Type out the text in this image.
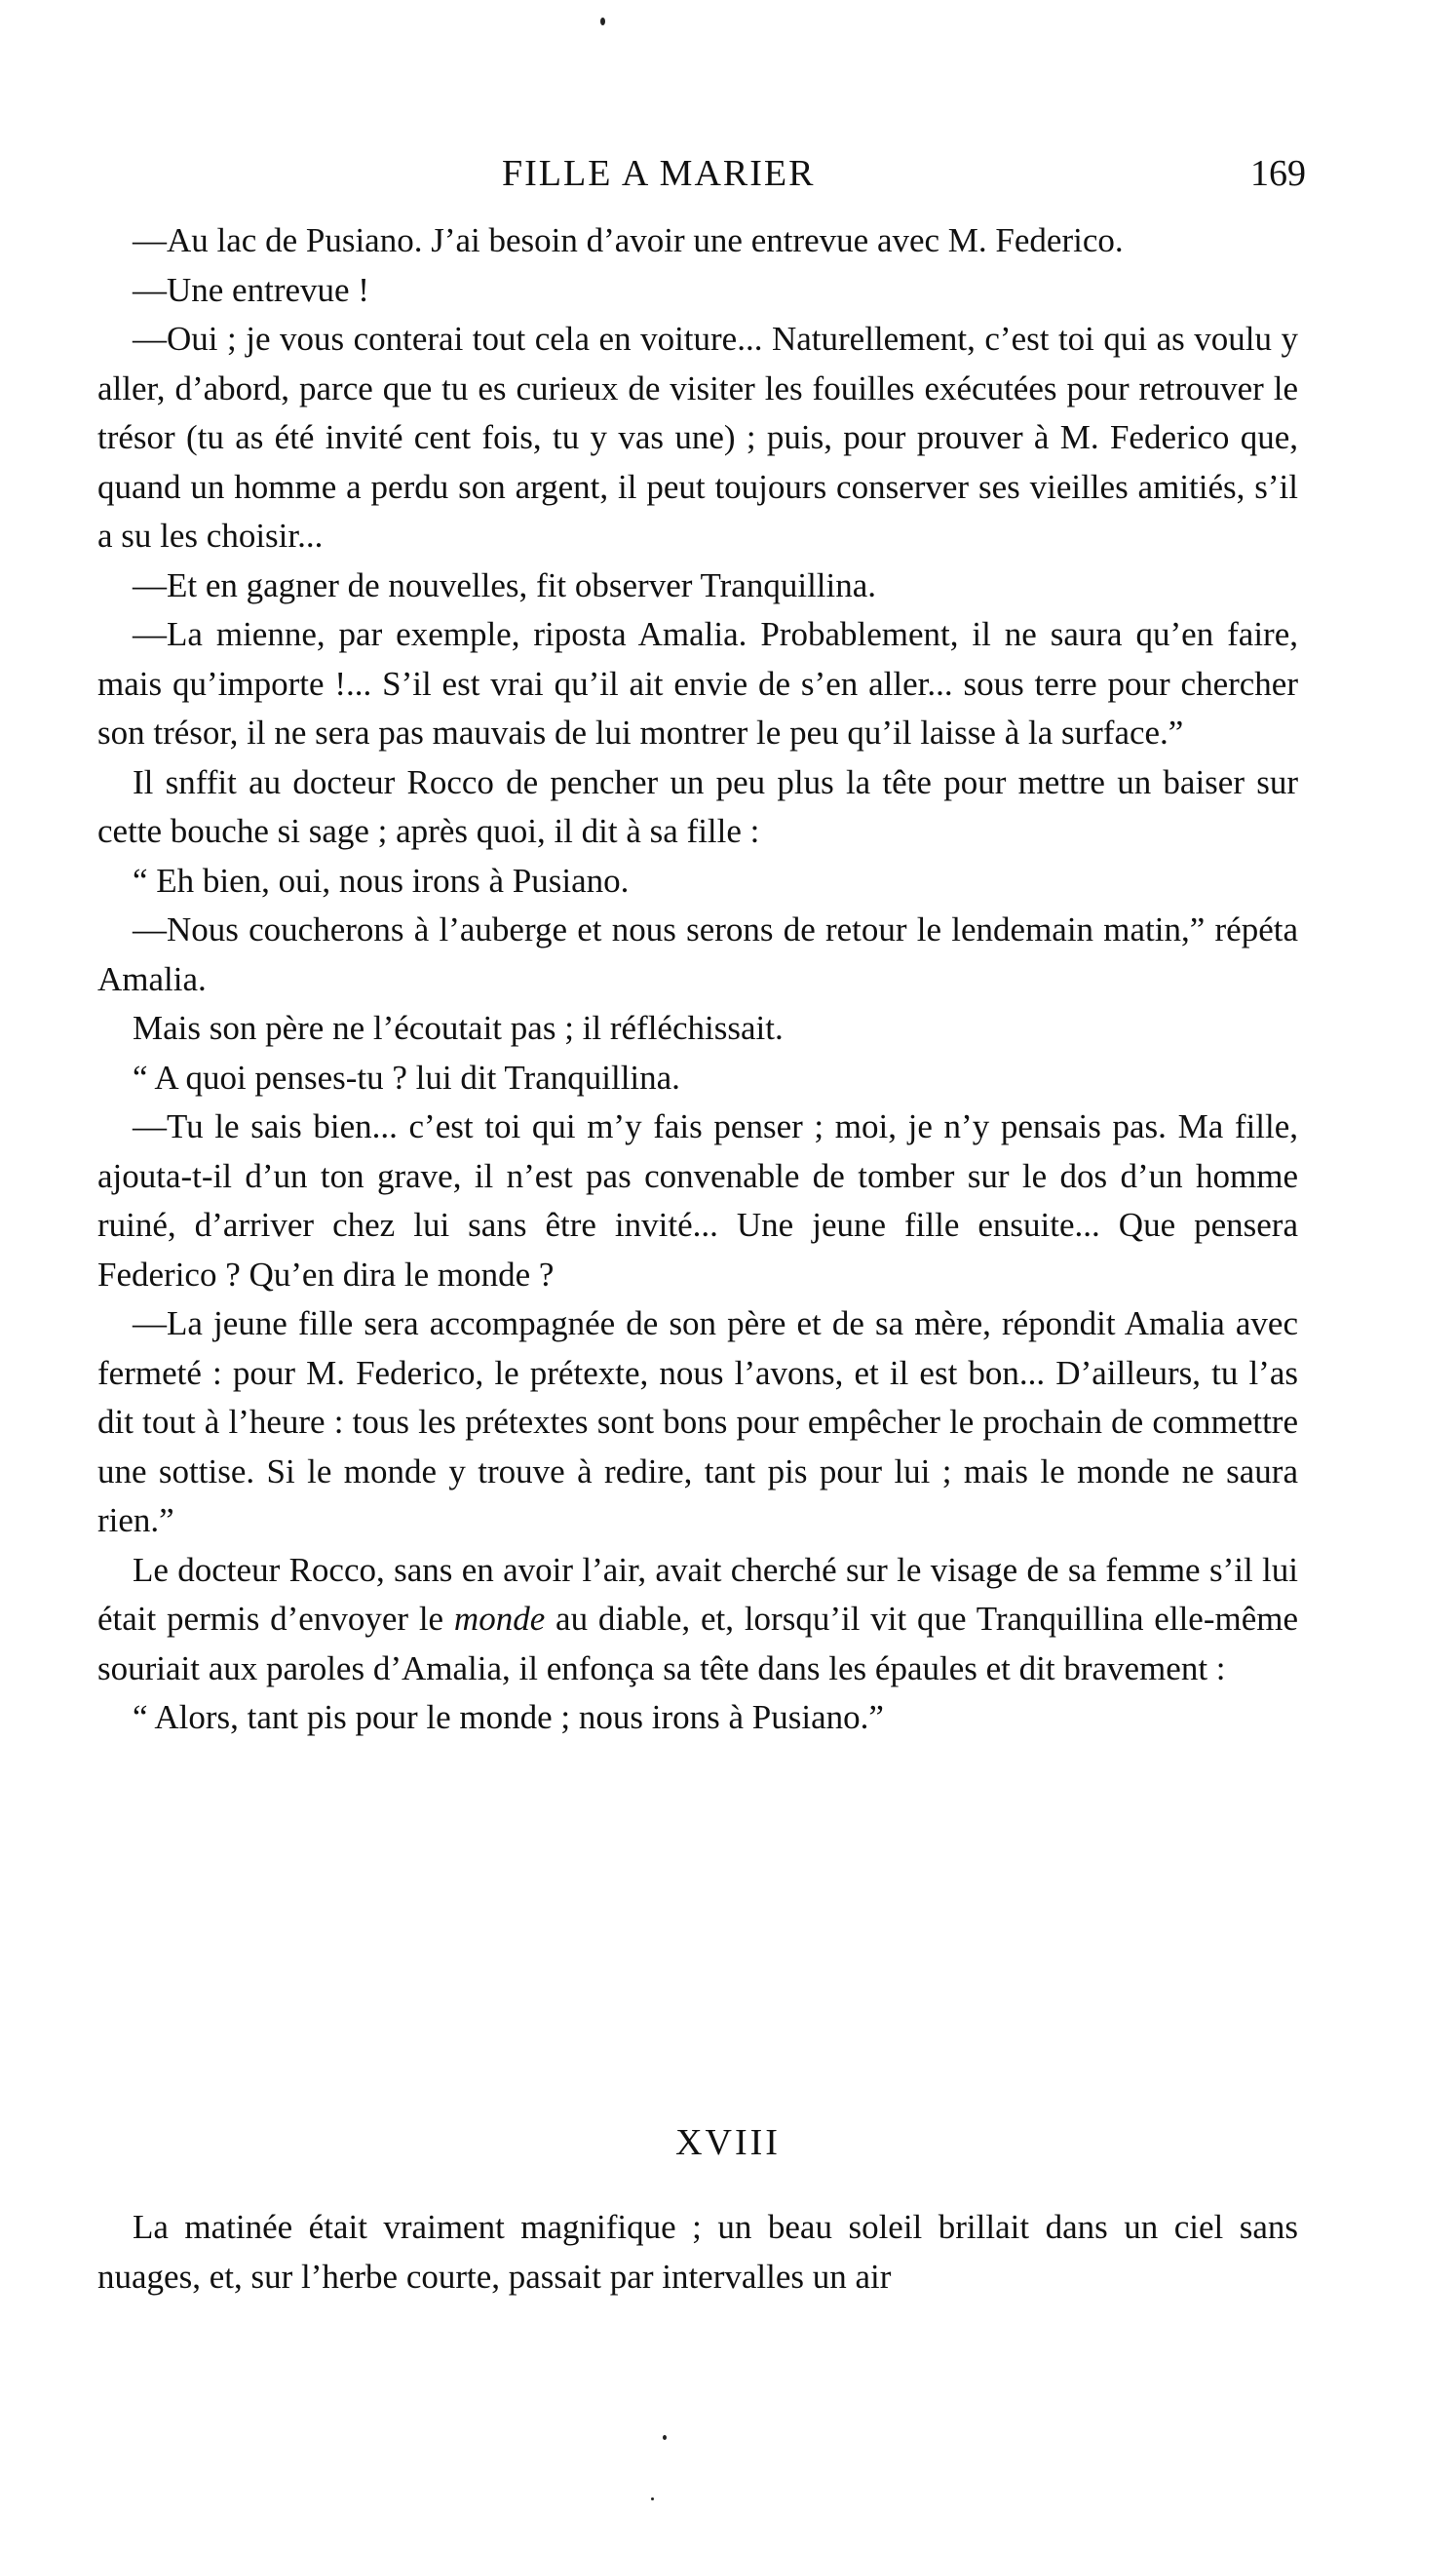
FILLE A MARIER	169

—Au lac de Pusiano. J’ai besoin d’avoir une entrevue avec M. Federico.

—Une entrevue !

—Oui ; je vous conterai tout cela en voiture... Naturellement, c’est toi qui as voulu y aller, d’abord, parce que tu es curieux de visiter les fouilles exécutées pour retrouver le trésor (tu as été invité cent fois, tu y vas une) ; puis, pour prouver à M. Federico que, quand un homme a perdu son argent, il peut toujours conserver ses vieilles amitiés, s’il a su les choisir...

—Et en gagner de nouvelles, fit observer Tranquillina.

—La mienne, par exemple, riposta Amalia. Probablement, il ne saura qu’en faire, mais qu’importe !... S’il est vrai qu’il ait envie de s’en aller... sous terre pour chercher son trésor, il ne sera pas mauvais de lui montrer le peu qu’il laisse à la surface.”

Il snffit au docteur Rocco de pencher un peu plus la tête pour mettre un baiser sur cette bouche si sage ; après quoi, il dit à sa fille :

“ Eh bien, oui, nous irons à Pusiano.

—Nous coucherons à l’auberge et nous serons de retour le lendemain matin,” répéta Amalia.

Mais son père ne l’écoutait pas ; il réfléchissait.

“ A quoi penses-tu ? lui dit Tranquillina.

—Tu le sais bien... c’est toi qui m’y fais penser ; moi, je n’y pensais pas. Ma fille, ajouta-t-il d’un ton grave, il n’est pas convenable de tomber sur le dos d’un homme ruiné, d’arriver chez lui sans être invité... Une jeune fille ensuite... Que pensera Federico ? Qu’en dira le monde ?

—La jeune fille sera accompagnée de son père et de sa mère, répondit Amalia avec fermeté : pour M. Federico, le prétexte, nous l’avons, et il est bon... D’ailleurs, tu l’as dit tout à l’heure : tous les prétextes sont bons pour empêcher le prochain de commettre une sottise. Si le monde y trouve à redire, tant pis pour lui ; mais le monde ne saura rien.”

Le docteur Rocco, sans en avoir l’air, avait cherché sur le visage de sa femme s’il lui était permis d’envoyer le monde au diable, et, lorsqu’il vit que Tranquillina elle-même souriait aux paroles d’Amalia, il enfonça sa tête dans les épaules et dit bravement :

“ Alors, tant pis pour le monde ; nous irons à Pusiano.”

XVIII

La matinée était vraiment magnifique ; un beau soleil brillait dans un ciel sans nuages, et, sur l’herbe courte, passait par intervalles un air
